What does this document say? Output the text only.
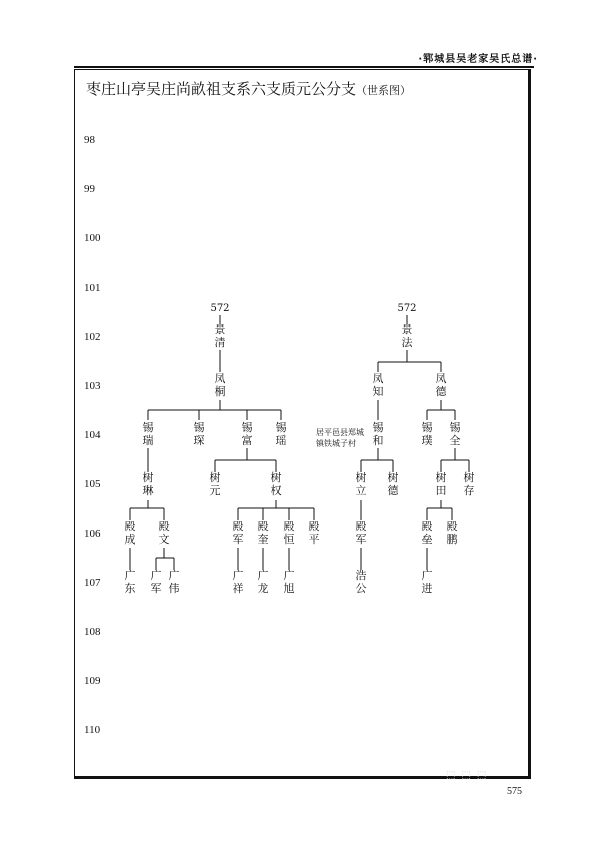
·郓城县吴老家吴氏总谱·
枣庄山亭吴庄尚畝祖支系六支质元公分支（世系图）
98
99
100
101
102
103
104
105
106
107
108
109
110
572
景清
凤桐
锡瑞
锡琛
锡富
锡瑶
树琳
树元
树权
殿成
殿文
殿军
殿奎
殿恒
殿平
广东
广军
广伟
广祥
广龙
广旭
572
景法
凤知
凤德
锡和
锡璞
锡全
树立
树德
树田
树存
殿军
殿垒
殿鹏
浩公
广进
居平邑县郑城
镇铁城子村
575
⬚⬚⬚
